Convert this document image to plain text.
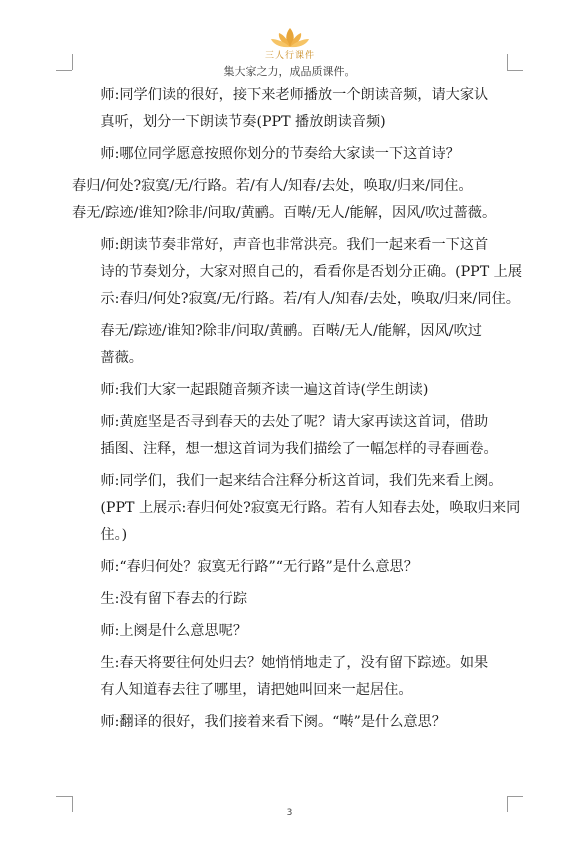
三人行课件
集大家之力，成品质课件。

师:同学们读的很好，接下来老师播放一个朗读音频，请大家认
真听，划分一下朗读节奏(PPT 播放朗读音频)

师:哪位同学愿意按照你划分的节奏给大家读一下这首诗？

春归/何处?寂寞/无/行路。若/有人/知春/去处，唤取/归来/同住。
春无/踪迹/谁知?除非/问取/黄鹂。百啭/无人/能解，因风/吹过蔷薇。

师:朗读节奏非常好，声音也非常洪亮。我们一起来看一下这首
诗的节奏划分，大家对照自己的，看看你是否划分正确。(PPT 上展
示:春归/何处?寂寞/无/行路。若/有人/知春/去处，唤取/归来/同住。

春无/踪迹/谁知?除非/问取/黄鹂。百啭/无人/能解，因风/吹过
蔷薇。

师:我们大家一起跟随音频齐读一遍这首诗(学生朗读)

师:黄庭坚是否寻到春天的去处了呢？请大家再读这首词，借助
插图、注释，想一想这首词为我们描绘了一幅怎样的寻春画卷。

师:同学们，我们一起来结合注释分析这首词，我们先来看上阕。
(PPT 上展示:春归何处?寂寞无行路。若有人知春去处，唤取归来同
住。)

师:“春归何处？寂寞无行路”“无行路”是什么意思？

生:没有留下春去的行踪

师:上阕是什么意思呢？

生:春天将要往何处归去？她悄悄地走了，没有留下踪迹。如果
有人知道春去往了哪里，请把她叫回来一起居住。

师:翻译的很好，我们接着来看下阕。“啭”是什么意思？

3
